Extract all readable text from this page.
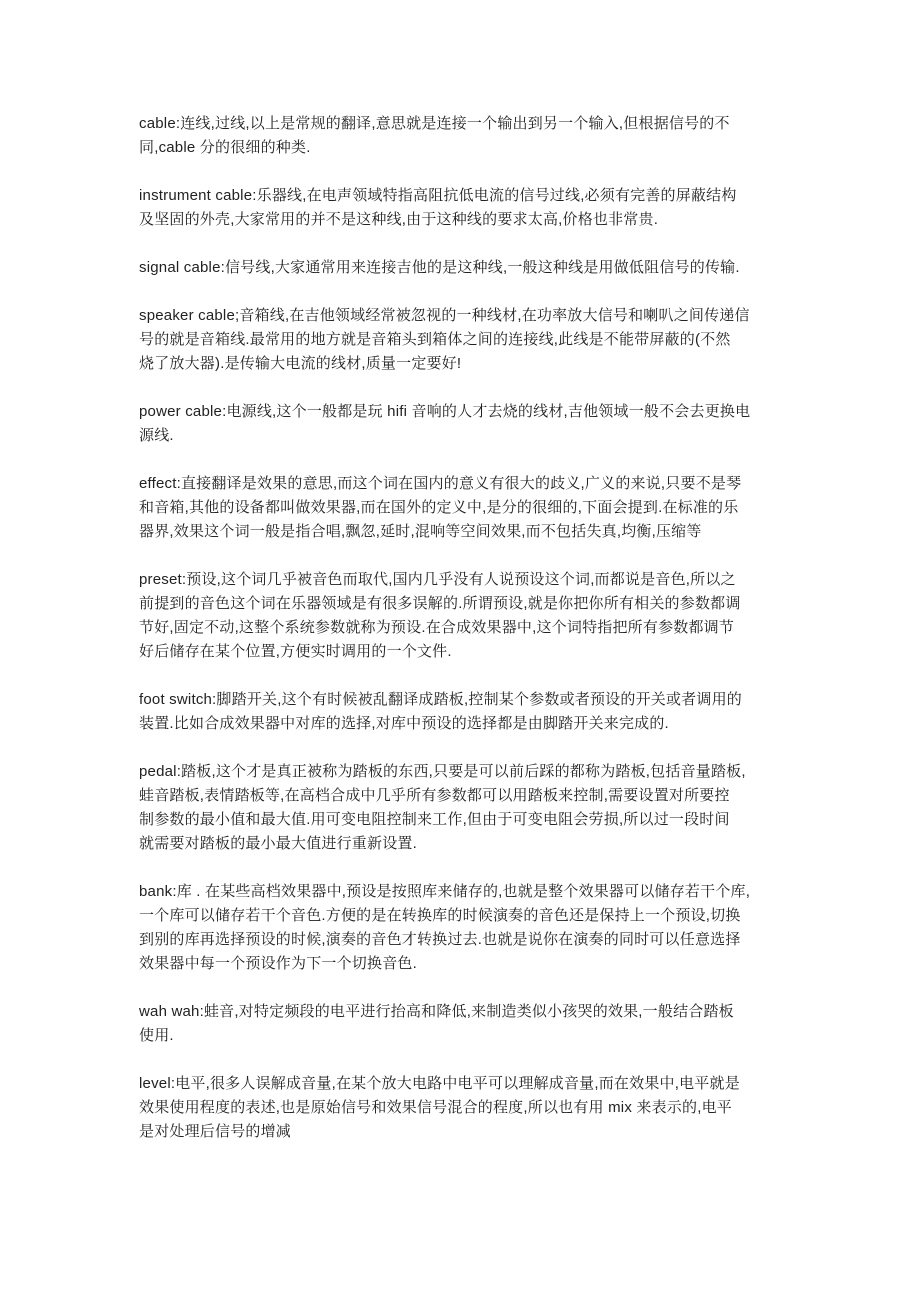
cable:连线,过线,以上是常规的翻译,意思就是连接一个输出到另一个输入,但根据信号的不
同,cable 分的很细的种类.
instrument cable:乐器线,在电声领域特指高阻抗低电流的信号过线,必须有完善的屏蔽结构
及坚固的外壳,大家常用的并不是这种线,由于这种线的要求太高,价格也非常贵.
signal cable:信号线,大家通常用来连接吉他的是这种线,一般这种线是用做低阻信号的传输.
speaker cable;音箱线,在吉他领域经常被忽视的一种线材,在功率放大信号和喇叭之间传递信
号的就是音箱线.最常用的地方就是音箱头到箱体之间的连接线,此线是不能带屏蔽的(不然
烧了放大器).是传输大电流的线材,质量一定要好!
power cable:电源线,这个一般都是玩 hifi 音响的人才去烧的线材,吉他领域一般不会去更换电
源线.
effect:直接翻译是效果的意思,而这个词在国内的意义有很大的歧义,广义的来说,只要不是琴
和音箱,其他的设备都叫做效果器,而在国外的定义中,是分的很细的,下面会提到.在标准的乐
器界,效果这个词一般是指合唱,飘忽,延时,混响等空间效果,而不包括失真,均衡,压缩等
preset:预设,这个词几乎被音色而取代,国内几乎没有人说预设这个词,而都说是音色,所以之
前提到的音色这个词在乐器领域是有很多误解的.所谓预设,就是你把你所有相关的参数都调
节好,固定不动,这整个系统参数就称为预设.在合成效果器中,这个词特指把所有参数都调节
好后储存在某个位置,方便实时调用的一个文件.
foot switch:脚踏开关,这个有时候被乱翻译成踏板,控制某个参数或者预设的开关或者调用的
装置.比如合成效果器中对库的选择,对库中预设的选择都是由脚踏开关来完成的.
pedal:踏板,这个才是真正被称为踏板的东西,只要是可以前后踩的都称为踏板,包括音量踏板,
蛙音踏板,表情踏板等,在高档合成中几乎所有参数都可以用踏板来控制,需要设置对所要控
制参数的最小值和最大值.用可变电阻控制来工作,但由于可变电阻会劳损,所以过一段时间
就需要对踏板的最小最大值进行重新设置.
bank:库 . 在某些高档效果器中,预设是按照库来储存的,也就是整个效果器可以储存若干个库,
一个库可以储存若干个音色.方便的是在转换库的时候演奏的音色还是保持上一个预设,切换
到别的库再选择预设的时候,演奏的音色才转换过去.也就是说你在演奏的同时可以任意选择
效果器中每一个预设作为下一个切换音色.
wah wah:蛙音,对特定频段的电平进行抬高和降低,来制造类似小孩哭的效果,一般结合踏板
使用.
level:电平,很多人误解成音量,在某个放大电路中电平可以理解成音量,而在效果中,电平就是
效果使用程度的表述,也是原始信号和效果信号混合的程度,所以也有用 mix 来表示的,电平
是对处理后信号的增减
